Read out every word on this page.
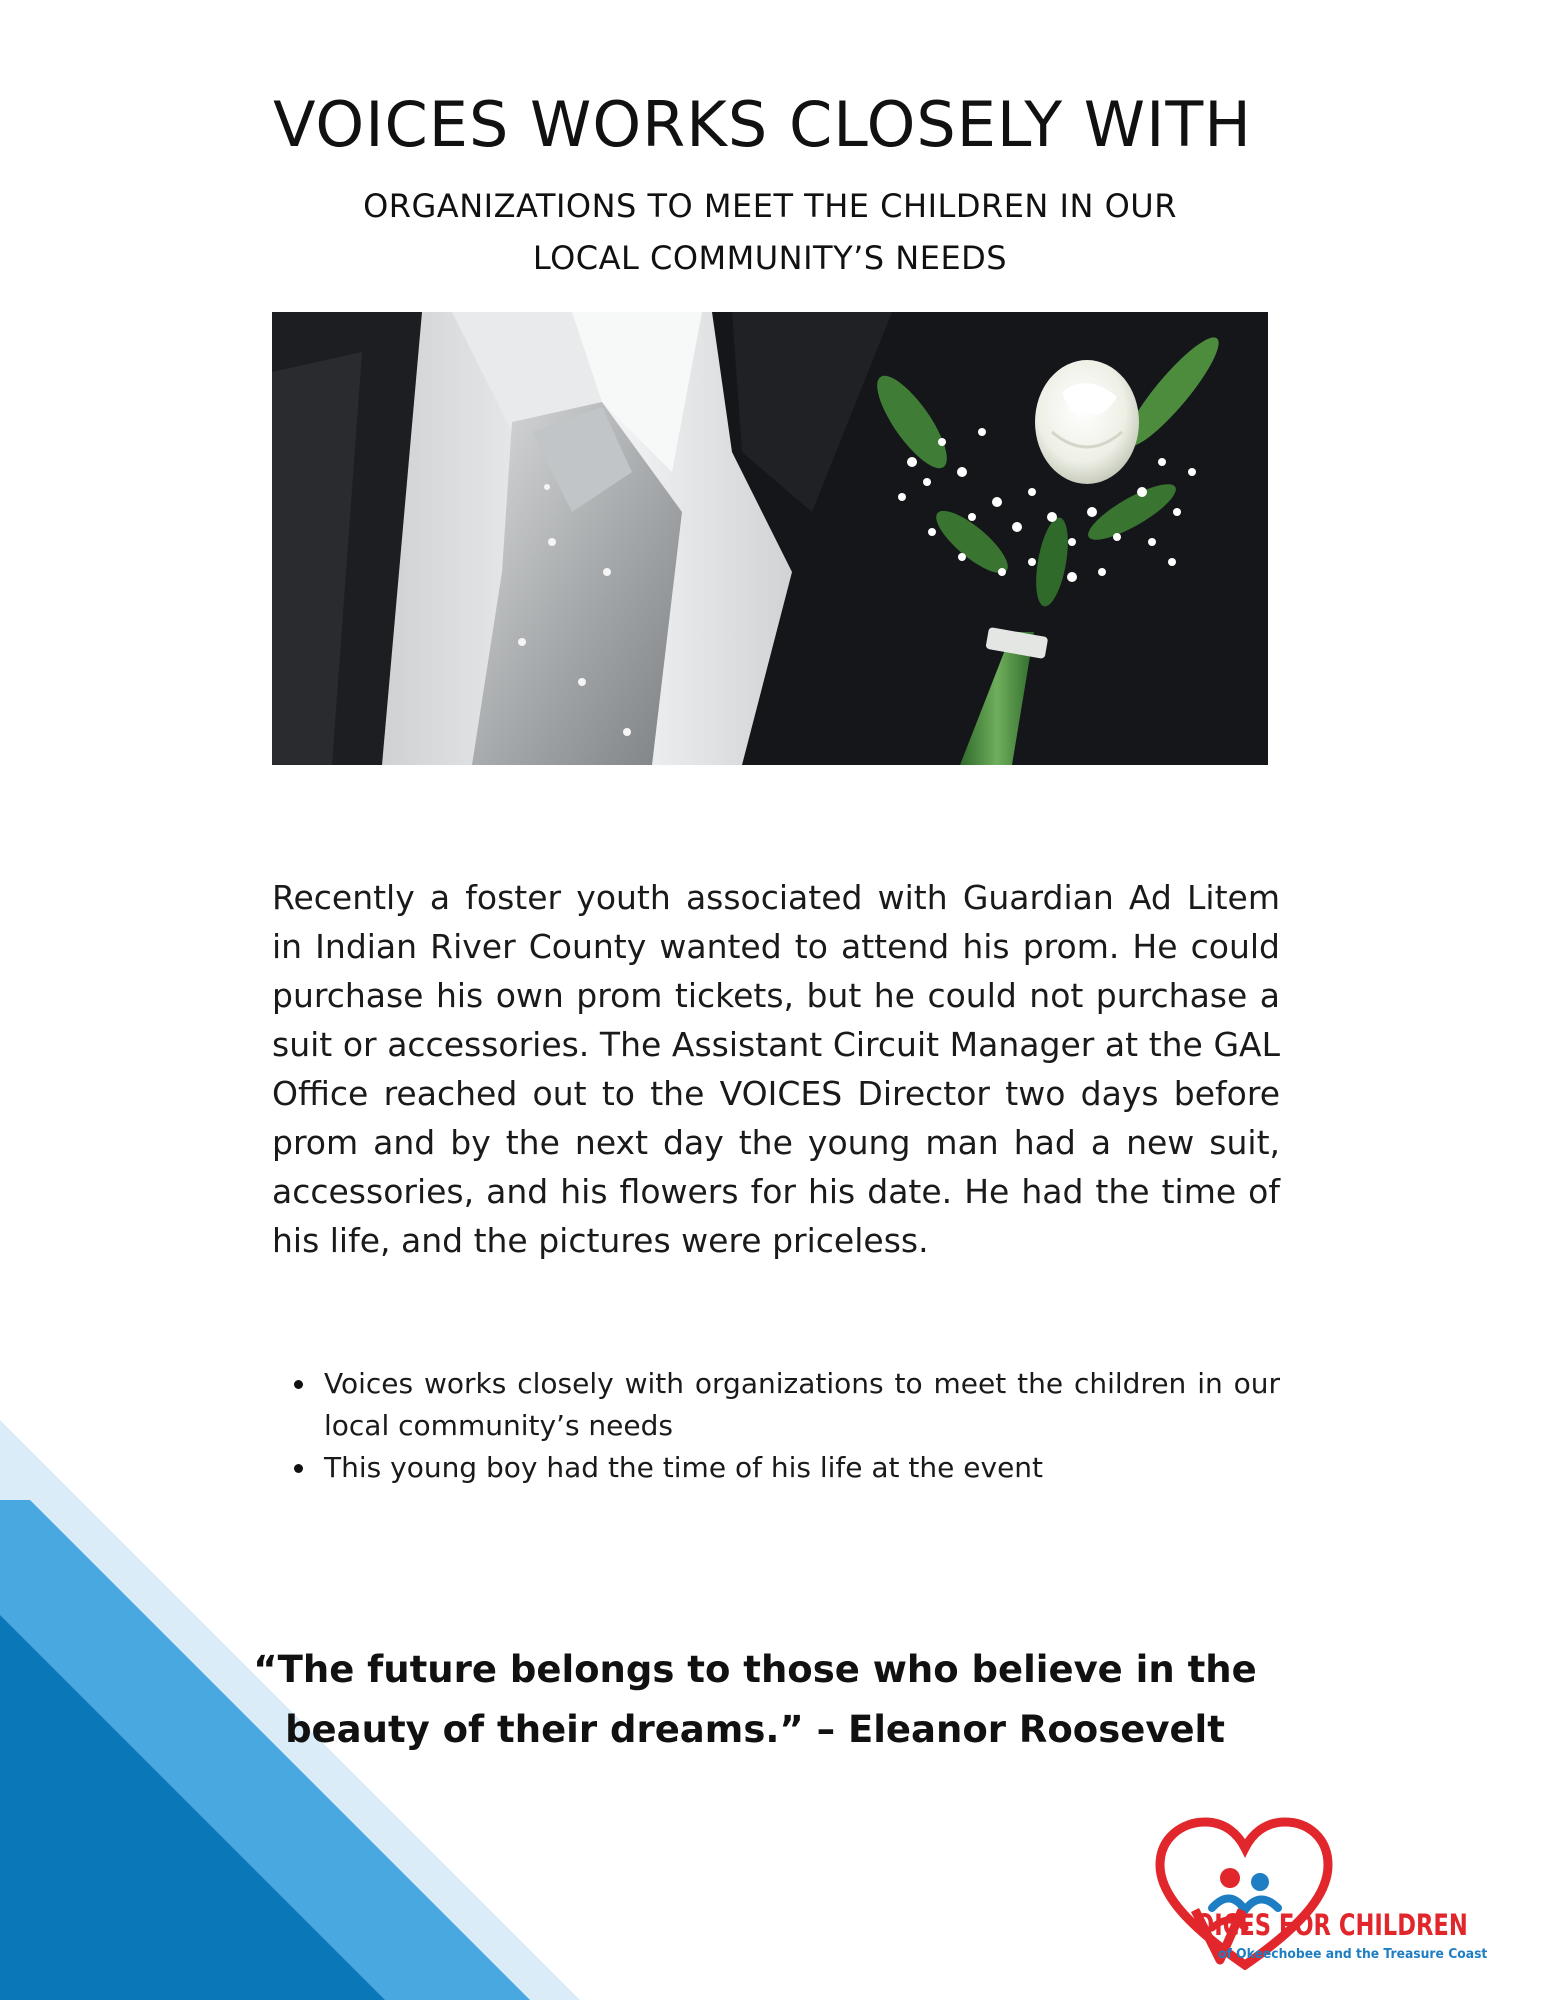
VOICES WORKS CLOSELY WITH
ORGANIZATIONS TO MEET THE CHILDREN IN OUR
LOCAL COMMUNITY’S NEEDS
Recently a foster youth associated with Guardian Ad Litem in Indian River County wanted to attend his prom. He could purchase his own prom tickets, but he could not purchase a suit or accessories. The Assistant Circuit Manager at the GAL Office reached out to the VOICES Director two days before prom and by the next day the young man had a new suit, accessories, and his flowers for his date. He had the time of his life, and the pictures were priceless.
Voices works closely with organizations to meet the children in our local community’s needs
This young boy had the time of his life at the event
“The future belongs to those who believe in the
beauty of their dreams.” – Eleanor Roosevelt
OICES FOR CHILDREN
of Okeechobee and the Treasure Coast
